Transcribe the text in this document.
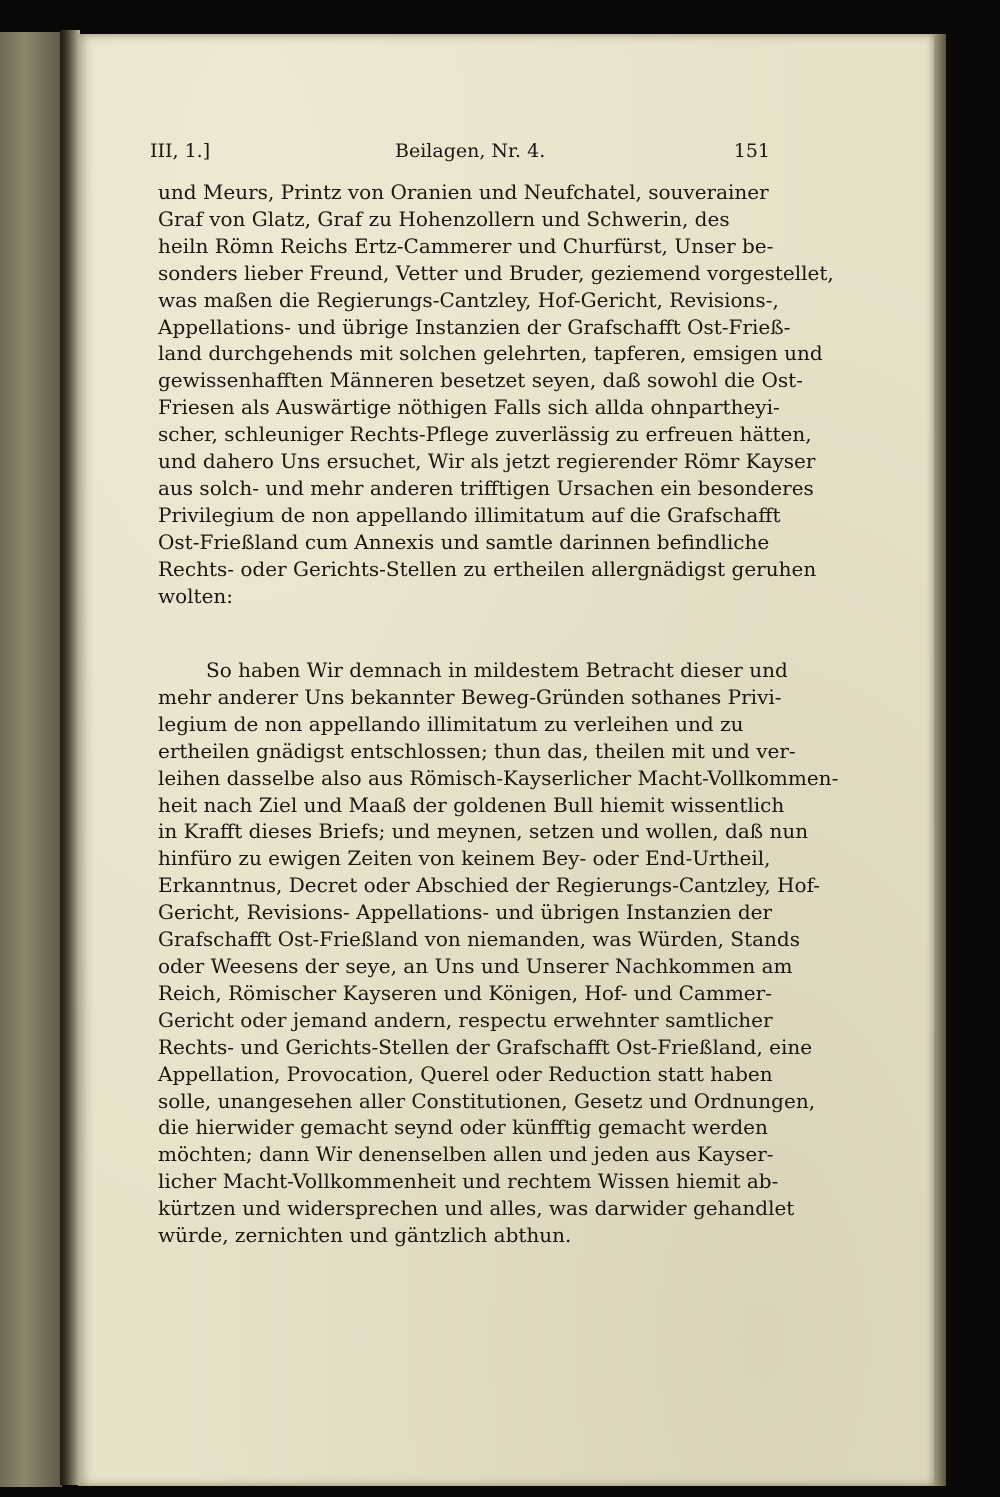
III, 1.]	Beilagen, Nr. 4.	151
und Meurs, Printz von Oranien und Neufchatel, souverainer
Graf von Glatz, Graf zu Hohenzollern und Schwerin, des
heiln Römn Reichs Ertz-Cammerer und Churfürst, Unser be-
sonders lieber Freund, Vetter und Bruder, geziemend vorgestellet,
was maßen die Regierungs-Cantzley, Hof-Gericht, Revisions-,
Appellations- und übrige Instanzien der Grafschafft Ost-Frieß-
land durchgehends mit solchen gelehrten, tapferen, emsigen und
gewissenhafften Männeren besetzet seyen, daß sowohl die Ost-
Friesen als Auswärtige nöthigen Falls sich allda ohnpartheyi-
scher, schleuniger Rechts-Pflege zuverlässig zu erfreuen hätten,
und dahero Uns ersuchet, Wir als jetzt regierender Römr Kayser
aus solch- und mehr anderen trifftigen Ursachen ein besonderes
Privilegium de non appellando illimitatum auf die Grafschafft
Ost-Frießland cum Annexis und samtle darinnen befindliche
Rechts- oder Gerichts-Stellen zu ertheilen allergnädigst geruhen
wolten:
So haben Wir demnach in mildestem Betracht dieser und
mehr anderer Uns bekannter Beweg-Gründen sothanes Privi-
legium de non appellando illimitatum zu verleihen und zu
ertheilen gnädigst entschlossen; thun das, theilen mit und ver-
leihen dasselbe also aus Römisch-Kayserlicher Macht-Vollkommen-
heit nach Ziel und Maaß der goldenen Bull hiemit wissentlich
in Krafft dieses Briefs; und meynen, setzen und wollen, daß nun
hinfüro zu ewigen Zeiten von keinem Bey- oder End-Urtheil,
Erkanntnus, Decret oder Abschied der Regierungs-Cantzley, Hof-
Gericht, Revisions- Appellations- und übrigen Instanzien der
Grafschafft Ost-Frießland von niemanden, was Würden, Stands
oder Weesens der seye, an Uns und Unserer Nachkommen am
Reich, Römischer Kayseren und Königen, Hof- und Cammer-
Gericht oder jemand andern, respectu erwehnter samtlicher
Rechts- und Gerichts-Stellen der Grafschafft Ost-Frießland, eine
Appellation, Provocation, Querel oder Reduction statt haben
solle, unangesehen aller Constitutionen, Gesetz und Ordnungen,
die hierwider gemacht seynd oder künfftig gemacht werden
möchten; dann Wir denenselben allen und jeden aus Kayser-
licher Macht-Vollkommenheit und rechtem Wissen hiemit ab-
kürtzen und widersprechen und alles, was darwider gehandlet
würde, zernichten und gäntzlich abthun.
